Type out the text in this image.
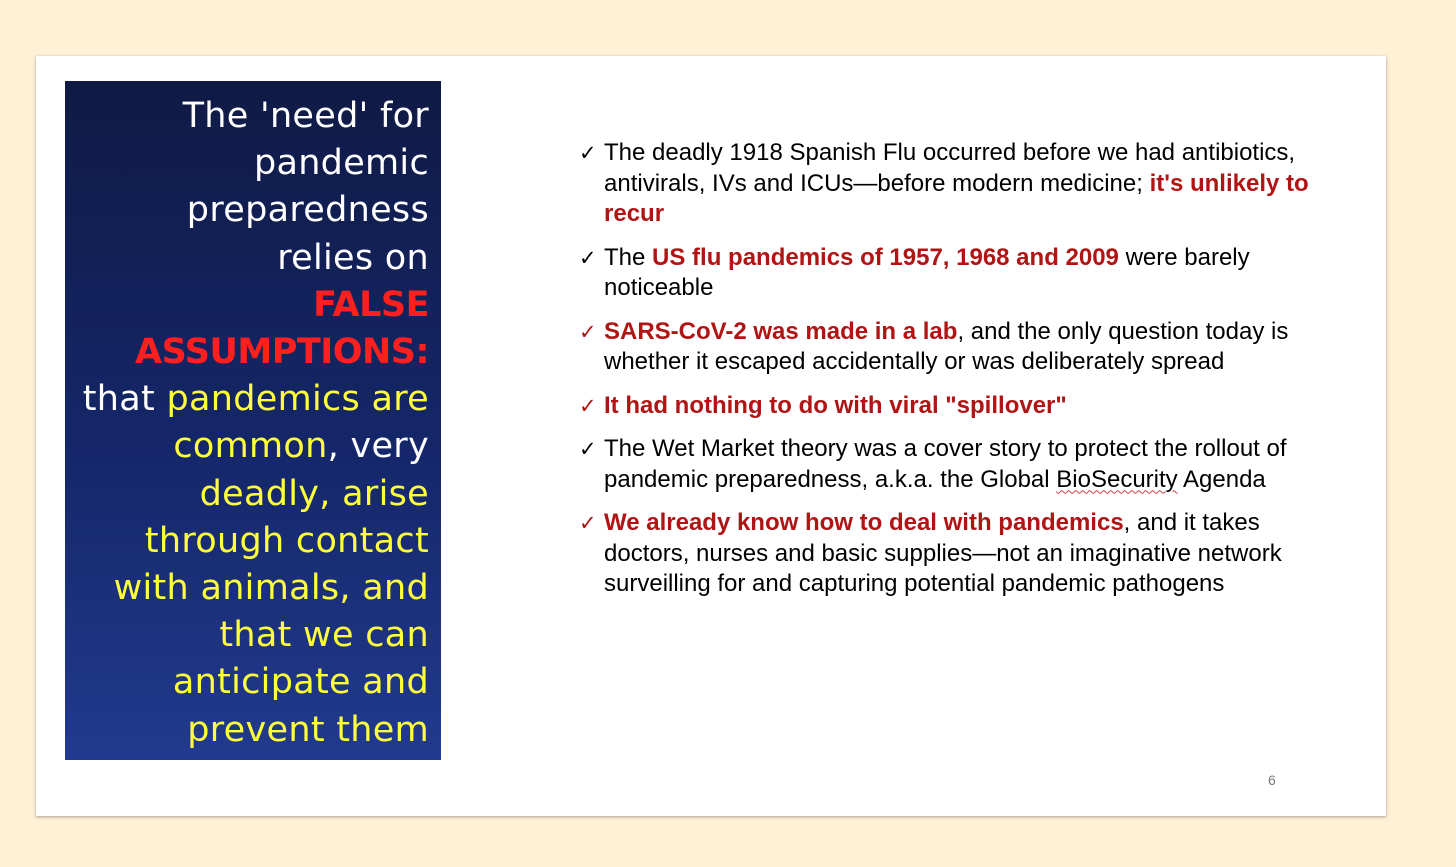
The 'need' for
pandemic
preparedness
relies on
FALSE
ASSUMPTIONS:
that pandemics are
common, very
deadly, arise
through contact
with animals, and
that we can
anticipate and
prevent them
✓ The deadly 1918 Spanish Flu occurred before we had antibiotics, antivirals, IVs and ICUs—before modern medicine; it's unlikely to recur
✓ The US flu pandemics of 1957, 1968 and 2009 were barely noticeable
✓ SARS-CoV-2 was made in a lab, and the only question today is whether it escaped accidentally or was deliberately spread
✓ It had nothing to do with viral "spillover"
✓ The Wet Market theory was a cover story to protect the rollout of pandemic preparedness, a.k.a. the Global BioSecurity Agenda
✓ We already know how to deal with pandemics, and it takes doctors, nurses and basic supplies—not an imaginative network surveilling for and capturing potential pandemic pathogens
6
